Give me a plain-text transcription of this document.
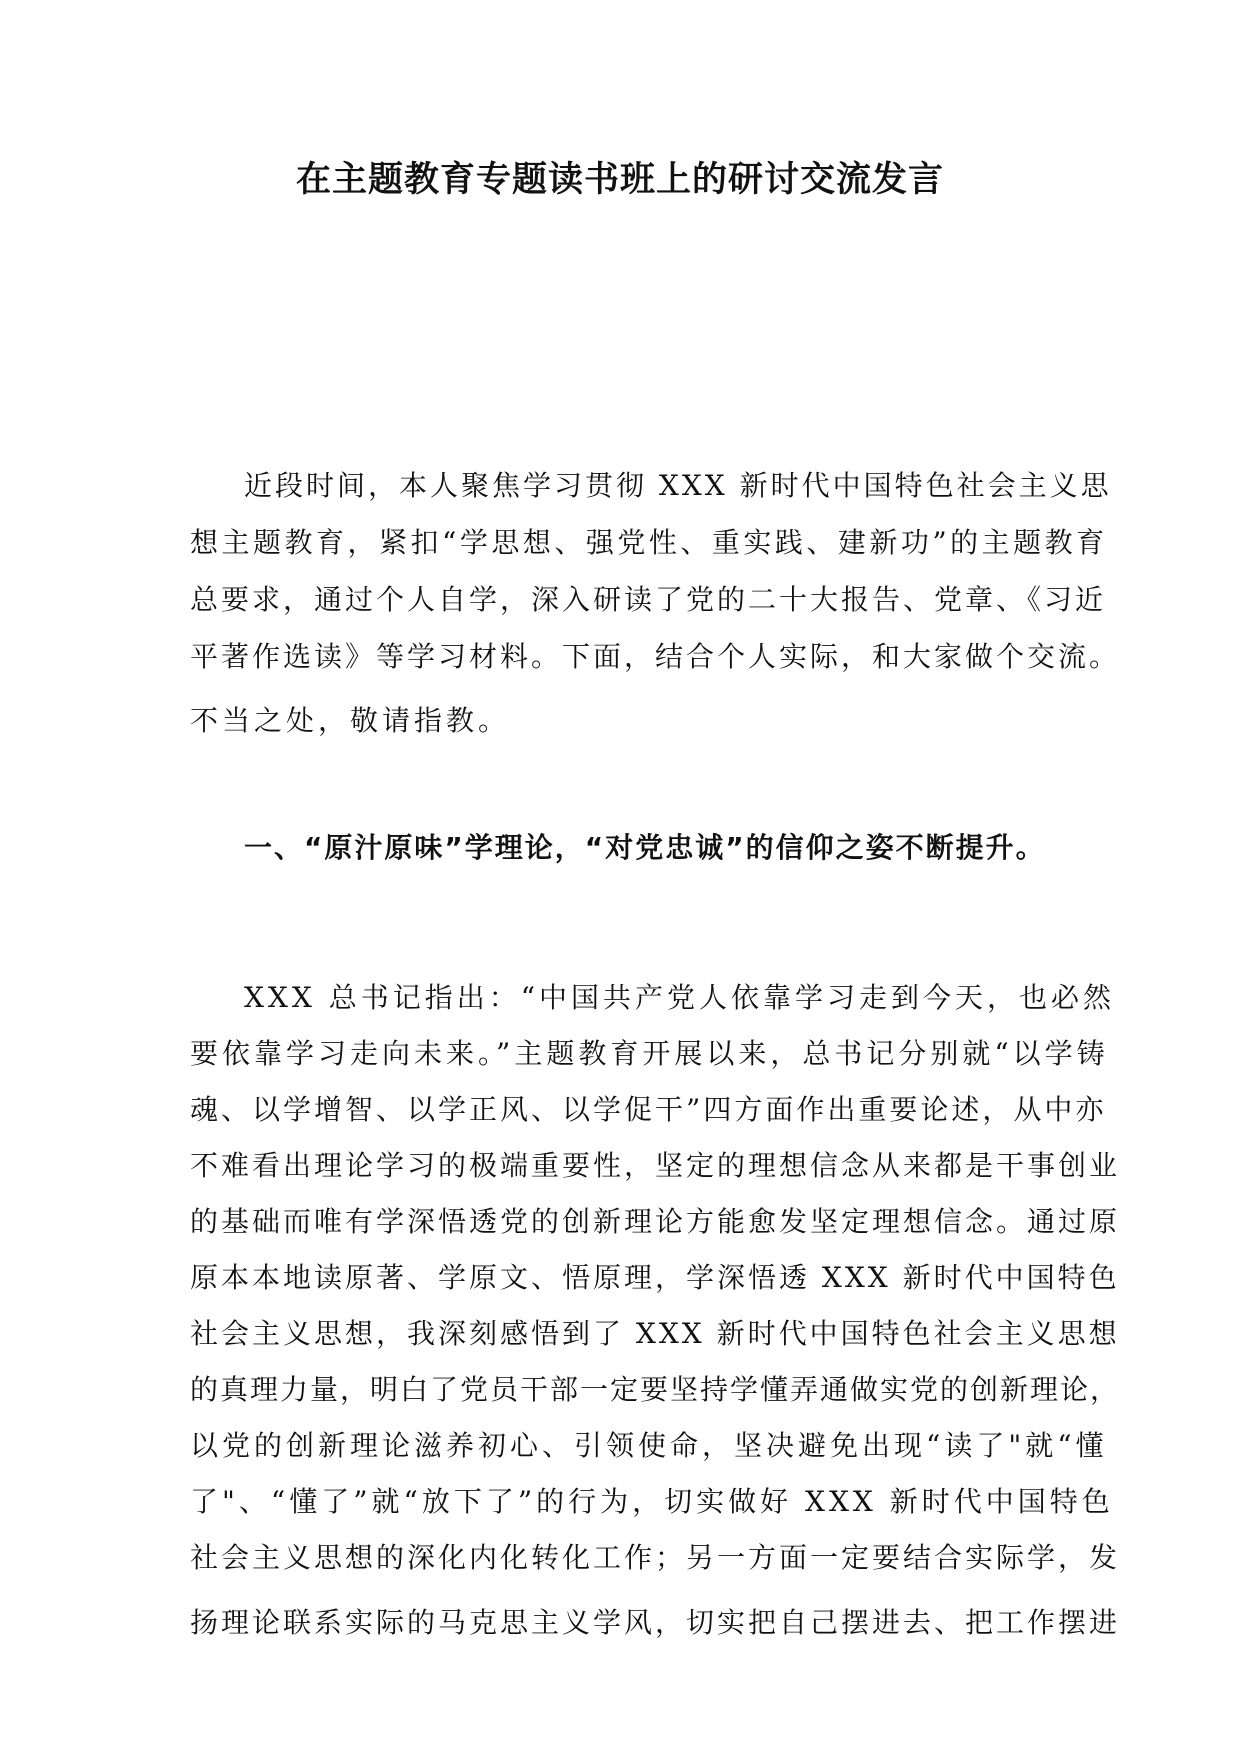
在主题教育专题读书班上的研讨交流发言
近段时间，本人聚焦学习贯彻 XXX 新时代中国特色社会主义思
想主题教育，紧扣“学思想、强党性、重实践、建新功”的主题教育
总要求，通过个人自学，深入研读了党的二十大报告、党章、《习近
平著作选读》等学习材料。下面，结合个人实际，和大家做个交流。
不当之处，敬请指教。
一、“原汁原味”学理论，“对党忠诚”的信仰之姿不断提升。
XXX 总书记指出：“中国共产党人依靠学习走到今天，也必然
要依靠学习走向未来。”主题教育开展以来，总书记分别就“以学铸
魂、以学增智、以学正风、以学促干”四方面作出重要论述，从中亦
不难看出理论学习的极端重要性，坚定的理想信念从来都是干事创业
的基础而唯有学深悟透党的创新理论方能愈发坚定理想信念。通过原
原本本地读原著、学原文、悟原理，学深悟透 XXX 新时代中国特色
社会主义思想，我深刻感悟到了 XXX 新时代中国特色社会主义思想
的真理力量，明白了党员干部一定要坚持学懂弄通做实党的创新理论，
以党的创新理论滋养初心、引领使命，坚决避免出现“读了"就“懂
了"、“懂了”就“放下了”的行为，切实做好 XXX 新时代中国特色
社会主义思想的深化内化转化工作；另一方面一定要结合实际学，发
扬理论联系实际的马克思主义学风，切实把自己摆进去、把工作摆进
